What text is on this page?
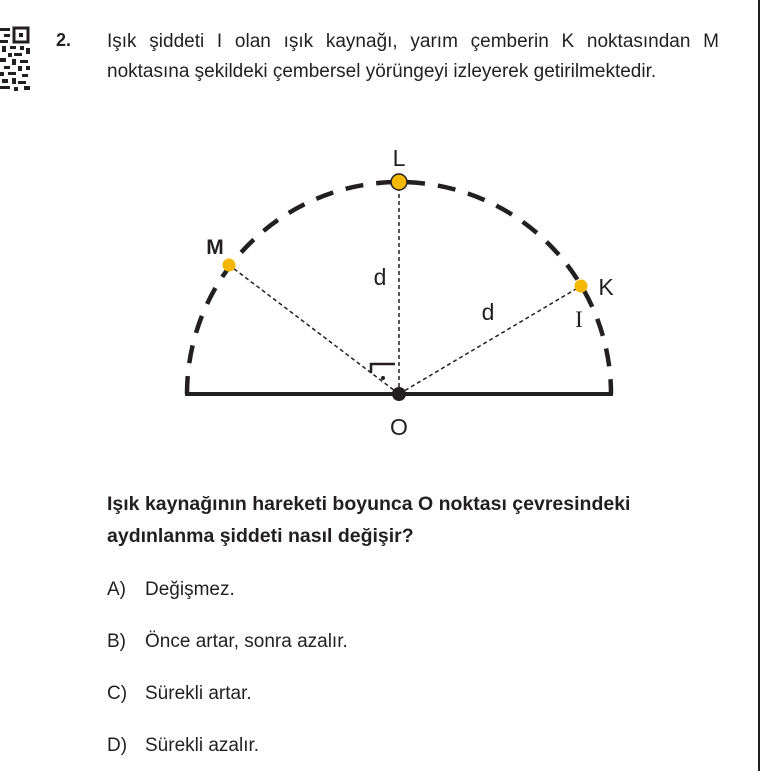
2. Işık şiddeti I olan ışık kaynağı, yarım çemberin K noktasından M noktasına şekildeki çembersel yörüngeyi izleyerek getirilmektedir.

L
M
K
O
d
d	I

Işık kaynağının hareketi boyunca O noktası çevresindeki aydınlanma şiddeti nasıl değişir?

A) Değişmez.
B) Önce artar, sonra azalır.
C) Sürekli artar.
D) Sürekli azalır.
